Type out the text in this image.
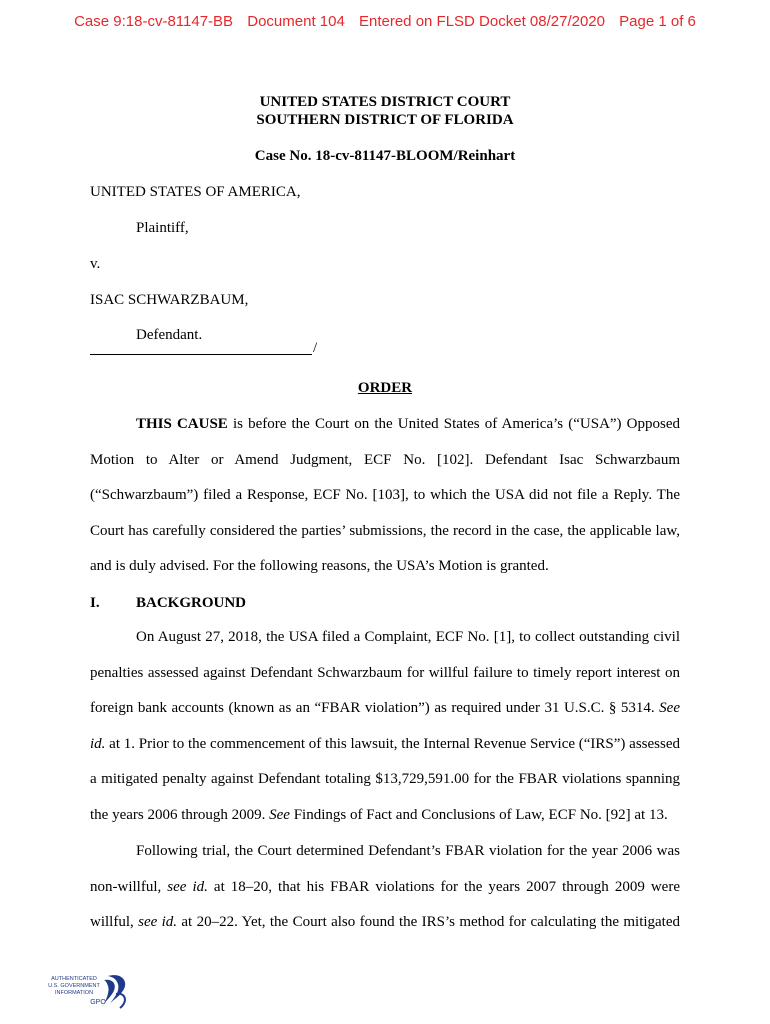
Case 9:18-cv-81147-BB Document 104 Entered on FLSD Docket 08/27/2020 Page 1 of 6
UNITED STATES DISTRICT COURT
SOUTHERN DISTRICT OF FLORIDA
Case No. 18-cv-81147-BLOOM/Reinhart
UNITED STATES OF AMERICA,
Plaintiff,
v.
ISAC SCHWARZBAUM,
Defendant.
/
ORDER
THIS CAUSE is before the Court on the United States of America’s (“USA”) Opposed
Motion to Alter or Amend Judgment, ECF No. [102]. Defendant Isac Schwarzbaum
(“Schwarzbaum”) filed a Response, ECF No. [103], to which the USA did not file a Reply. The
Court has carefully considered the parties’ submissions, the record in the case, the applicable law,
and is duly advised. For the following reasons, the USA’s Motion is granted.
I. BACKGROUND
On August 27, 2018, the USA filed a Complaint, ECF No. [1], to collect outstanding civil
penalties assessed against Defendant Schwarzbaum for willful failure to timely report interest on
foreign bank accounts (known as an “FBAR violation”) as required under 31 U.S.C. § 5314. See
id. at 1. Prior to the commencement of this lawsuit, the Internal Revenue Service (“IRS”) assessed
a mitigated penalty against Defendant totaling $13,729,591.00 for the FBAR violations spanning
the years 2006 through 2009. See Findings of Fact and Conclusions of Law, ECF No. [92] at 13.
Following trial, the Court determined Defendant’s FBAR violation for the year 2006 was
non-willful, see id. at 18–20, that his FBAR violations for the years 2007 through 2009 were
willful, see id. at 20–22. Yet, the Court also found the IRS’s method for calculating the mitigated
AUTHENTICATED
U.S. GOVERNMENT
INFORMATION
GPO
